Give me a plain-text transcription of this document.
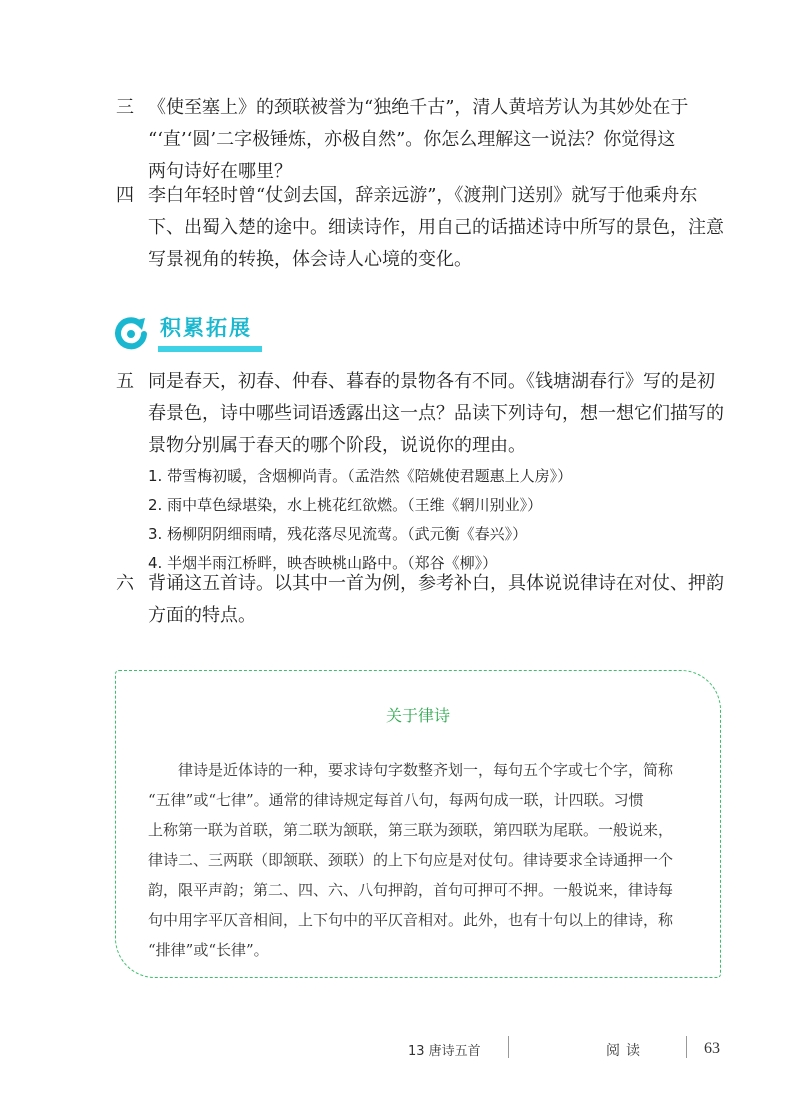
三 《使至塞上》的颈联被誉为“独绝千古”，清人黄培芳认为其妙处在于
“‘直’‘圆’二字极锤炼，亦极自然”。你怎么理解这一说法？你觉得这
两句诗好在哪里？
四 李白年轻时曾“仗剑去国，辞亲远游”，《渡荆门送别》就写于他乘舟东
下、出蜀入楚的途中。细读诗作，用自己的话描述诗中所写的景色，注意
写景视角的转换，体会诗人心境的变化。
积累拓展
五 同是春天，初春、仲春、暮春的景物各有不同。《钱塘湖春行》写的是初
春景色，诗中哪些词语透露出这一点？品读下列诗句，想一想它们描写的
景物分别属于春天的哪个阶段，说说你的理由。
1. 带雪梅初暖，含烟柳尚青。（孟浩然《陪姚使君题惠上人房》）
2. 雨中草色绿堪染，水上桃花红欲燃。（王维《辋川别业》）
3. 杨柳阴阴细雨晴，残花落尽见流莺。（武元衡《春兴》）
4. 半烟半雨江桥畔，映杏映桃山路中。（郑谷《柳》）
六 背诵这五首诗。以其中一首为例，参考补白，具体说说律诗在对仗、押韵
方面的特点。
关于律诗
律诗是近体诗的一种，要求诗句字数整齐划一，每句五个字或七个字，简称
“五律”或“七律”。通常的律诗规定每首八句，每两句成一联，计四联。习惯
上称第一联为首联，第二联为颔联，第三联为颈联，第四联为尾联。一般说来，
律诗二、三两联（即颔联、颈联）的上下句应是对仗句。律诗要求全诗通押一个
韵，限平声韵；第二、四、六、八句押韵，首句可押可不押。一般说来，律诗每
句中用字平仄音相间，上下句中的平仄音相对。此外，也有十句以上的律诗，称
“排律”或“长律”。
13 唐诗五首	阅读	63
